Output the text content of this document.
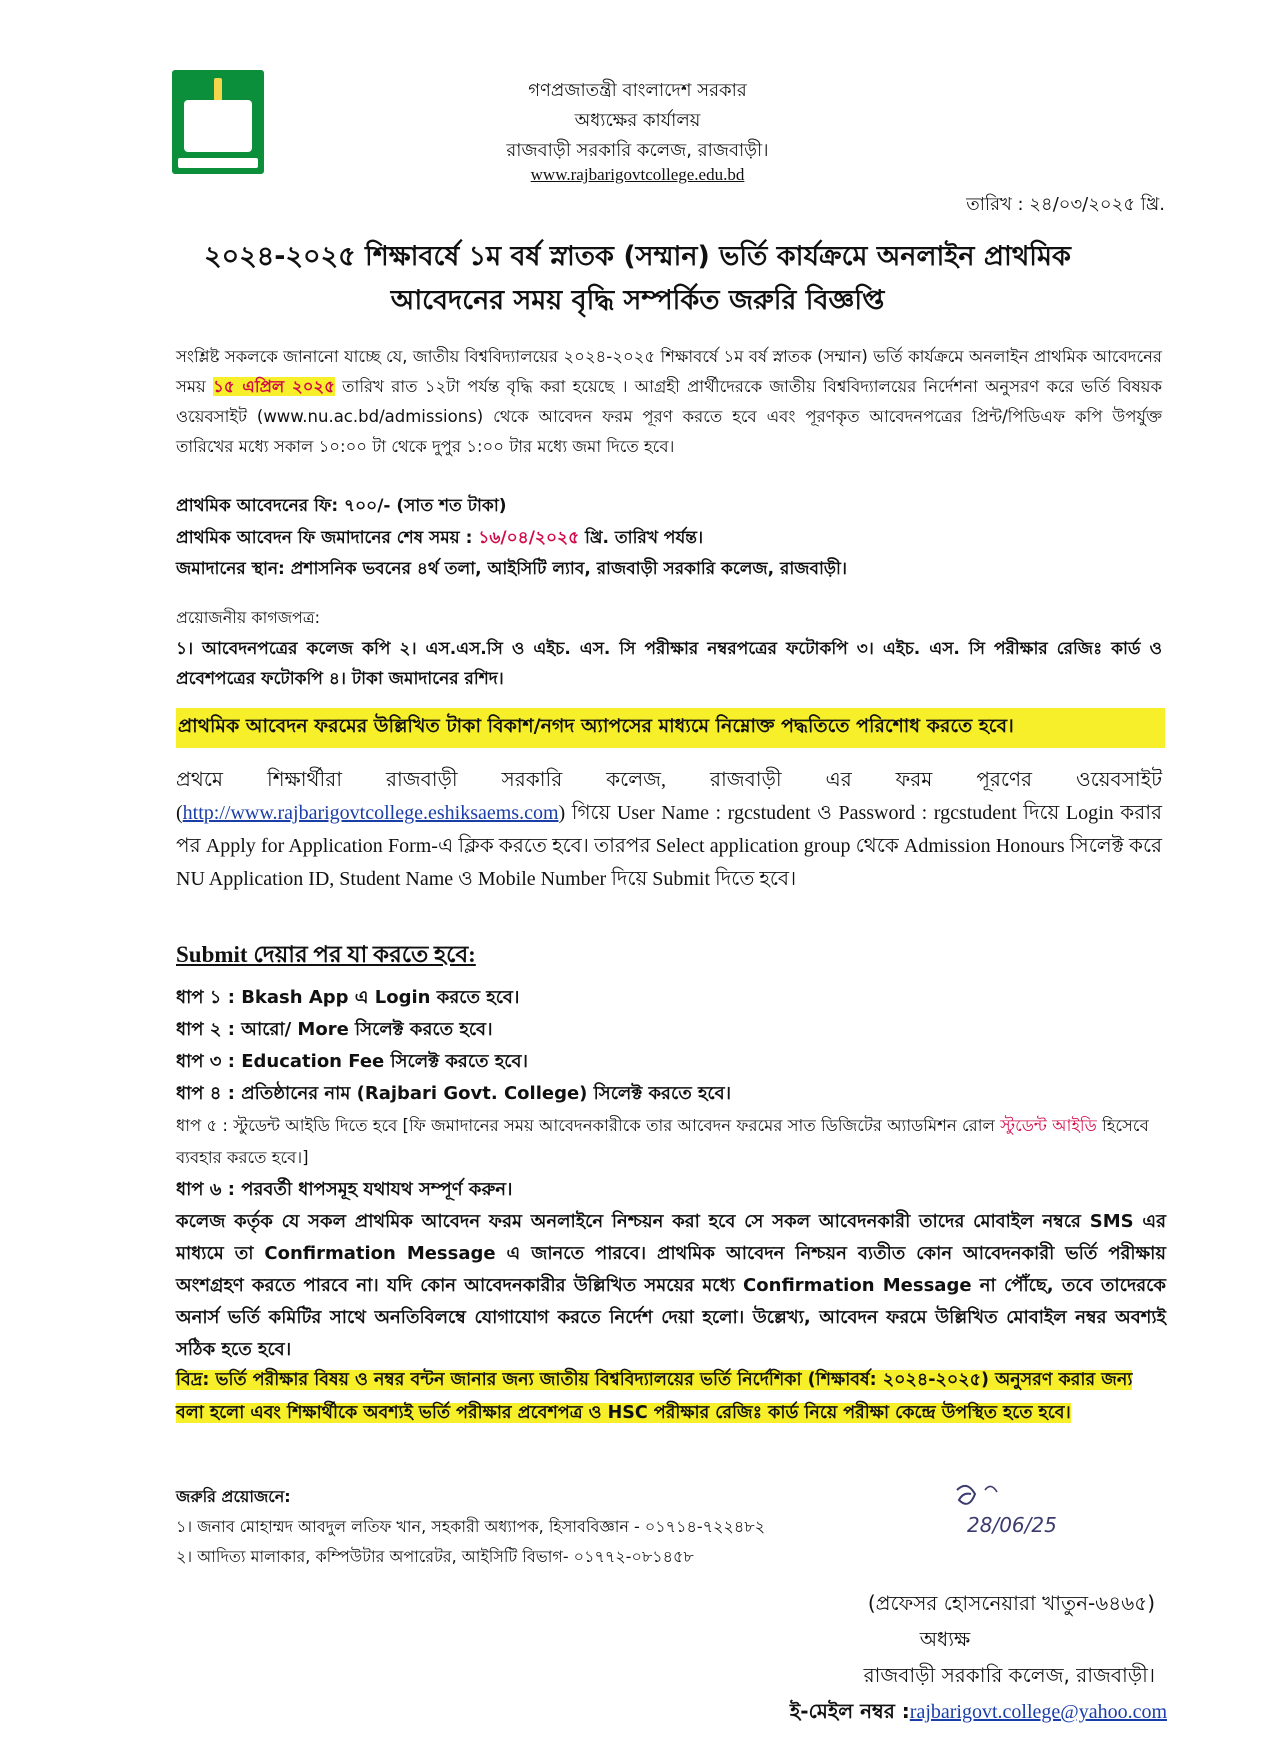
গণপ্রজাতন্ত্রী বাংলাদেশ সরকার
অধ্যক্ষের কার্যালয়
রাজবাড়ী সরকারি কলেজ, রাজবাড়ী।
www.rajbarigovtcollege.edu.bd
তারিখ : ২৪/০৩/২০২৫ খ্রি.
২০২৪-২০২৫ শিক্ষাবর্ষে ১ম বর্ষ স্নাতক (সম্মান) ভর্তি কার্যক্রমে অনলাইন প্রাথমিক
আবেদনের সময় বৃদ্ধি সম্পর্কিত জরুরি বিজ্ঞপ্তি
সংশ্লিষ্ট সকলকে জানানো যাচ্ছে যে, জাতীয় বিশ্ববিদ্যালয়ের ২০২৪-২০২৫ শিক্ষাবর্ষে ১ম বর্ষ স্নাতক (সম্মান) ভর্তি কার্যক্রমে অনলাইন প্রাথমিক আবেদনের সময় ১৫ এপ্রিল ২০২৫ তারিখ রাত ১২টা পর্যন্ত বৃদ্ধি করা হয়েছে । আগ্রহী প্রার্থীদেরকে জাতীয় বিশ্ববিদ্যালয়ের নির্দেশনা অনুসরণ করে ভর্তি বিষয়ক ওয়েবসাইট (www.nu.ac.bd/admissions) থেকে আবেদন ফরম পূরণ করতে হবে এবং পূরণকৃত আবেদনপত্রের প্রিন্ট/পিডিএফ কপি উপর্যুক্ত তারিখের মধ্যে সকাল ১০:০০ টা থেকে দুপুর ১:০০ টার মধ্যে জমা দিতে হবে।
প্রাথমিক আবেদনের ফি: ৭০০/- (সাত শত টাকা)
প্রাথমিক আবেদন ফি জমাদানের শেষ সময় : ১৬/০৪/২০২৫ খ্রি. তারিখ পর্যন্ত।
জমাদানের স্থান: প্রশাসনিক ভবনের ৪র্থ তলা, আইসিটি ল্যাব, রাজবাড়ী সরকারি কলেজ, রাজবাড়ী।
প্রয়োজনীয় কাগজপত্র:
১। আবেদনপত্রের কলেজ কপি ২। এস.এস.সি ও এইচ. এস. সি পরীক্ষার নম্বরপত্রের ফটোকপি ৩। এইচ. এস. সি পরীক্ষার রেজিঃ কার্ড ও প্রবেশপত্রের ফটোকপি ৪। টাকা জমাদানের রশিদ।
প্রাথমিক আবেদন ফরমের উল্লিখিত টাকা বিকাশ/নগদ অ্যাপসের মাধ্যমে নিম্নোক্ত পদ্ধতিতে পরিশোধ করতে হবে।
প্রথমে শিক্ষার্থীরা রাজবাড়ী সরকারি কলেজ, রাজবাড়ী এর ফরম পূরণের ওয়েবসাইট (http://www.rajbarigovtcollege.eshiksaems.com) গিয়ে User Name : rgcstudent ও Password : rgcstudent দিয়ে Login করার পর Apply for Application Form-এ ক্লিক করতে হবে। তারপর Select application group থেকে Admission Honours সিলেক্ট করে NU Application ID, Student Name ও Mobile Number দিয়ে Submit দিতে হবে।
Submit দেয়ার পর যা করতে হবে:
ধাপ ১ : Bkash App এ Login করতে হবে।
ধাপ ২ : আরো/ More সিলেক্ট করতে হবে।
ধাপ ৩ : Education Fee সিলেক্ট করতে হবে।
ধাপ ৪ : প্রতিষ্ঠানের নাম (Rajbari Govt. College) সিলেক্ট করতে হবে।
ধাপ ৫ : স্টুডেন্ট আইডি দিতে হবে [ফি জমাদানের সময় আবেদনকারীকে তার আবেদন ফরমের সাত ডিজিটের অ্যাডমিশন রোল স্টুডেন্ট আইডি হিসেবে ব্যবহার করতে হবে।]
ধাপ ৬ : পরবর্তী ধাপসমূহ যথাযথ সম্পূর্ণ করুন।
কলেজ কর্তৃক যে সকল প্রাথমিক আবেদন ফরম অনলাইনে নিশ্চয়ন করা হবে সে সকল আবেদনকারী তাদের মোবাইল নম্বরে SMS এর মাধ্যমে তা Confirmation Message এ জানতে পারবে। প্রাথমিক আবেদন নিশ্চয়ন ব্যতীত কোন আবেদনকারী ভর্তি পরীক্ষায় অংশগ্রহণ করতে পারবে না। যদি কোন আবেদনকারীর উল্লিখিত সময়ের মধ্যে Confirmation Message না পৌঁছে, তবে তাদেরকে অনার্স ভর্তি কমিটির সাথে অনতিবিলম্বে যোগাযোগ করতে নির্দেশ দেয়া হলো। উল্লেখ্য, আবেদন ফরমে উল্লিখিত মোবাইল নম্বর অবশ্যই সঠিক হতে হবে।
বিদ্র: ভর্তি পরীক্ষার বিষয় ও নম্বর বন্টন জানার জন্য জাতীয় বিশ্ববিদ্যালয়ের ভর্তি নির্দেশিকা (শিক্ষাবর্ষ: ২০২৪-২০২৫) অনুসরণ করার জন্য বলা হলো এবং শিক্ষার্থীকে অবশ্যই ভর্তি পরীক্ষার প্রবেশপত্র ও HSC পরীক্ষার রেজিঃ কার্ড নিয়ে পরীক্ষা কেন্দ্রে উপস্থিত হতে হবে।
জরুরি প্রয়োজনে:
১। জনাব মোহাম্মদ আবদুল লতিফ খান, সহকারী অধ্যাপক, হিসাববিজ্ঞান - ০১৭১৪-৭২২৪৮২
২। আদিত্য মালাকার, কম্পিউটার অপারেটর, আইসিটি বিভাগ- ০১৭৭২-০৮১৪৫৮
28/06/25
(প্রফেসর হোসনেয়ারা খাতুন-৬৪৬৫)
অধ্যক্ষ
রাজবাড়ী সরকারি কলেজ, রাজবাড়ী।
ই-মেইল নম্বর :rajbarigovt.college@yahoo.com
